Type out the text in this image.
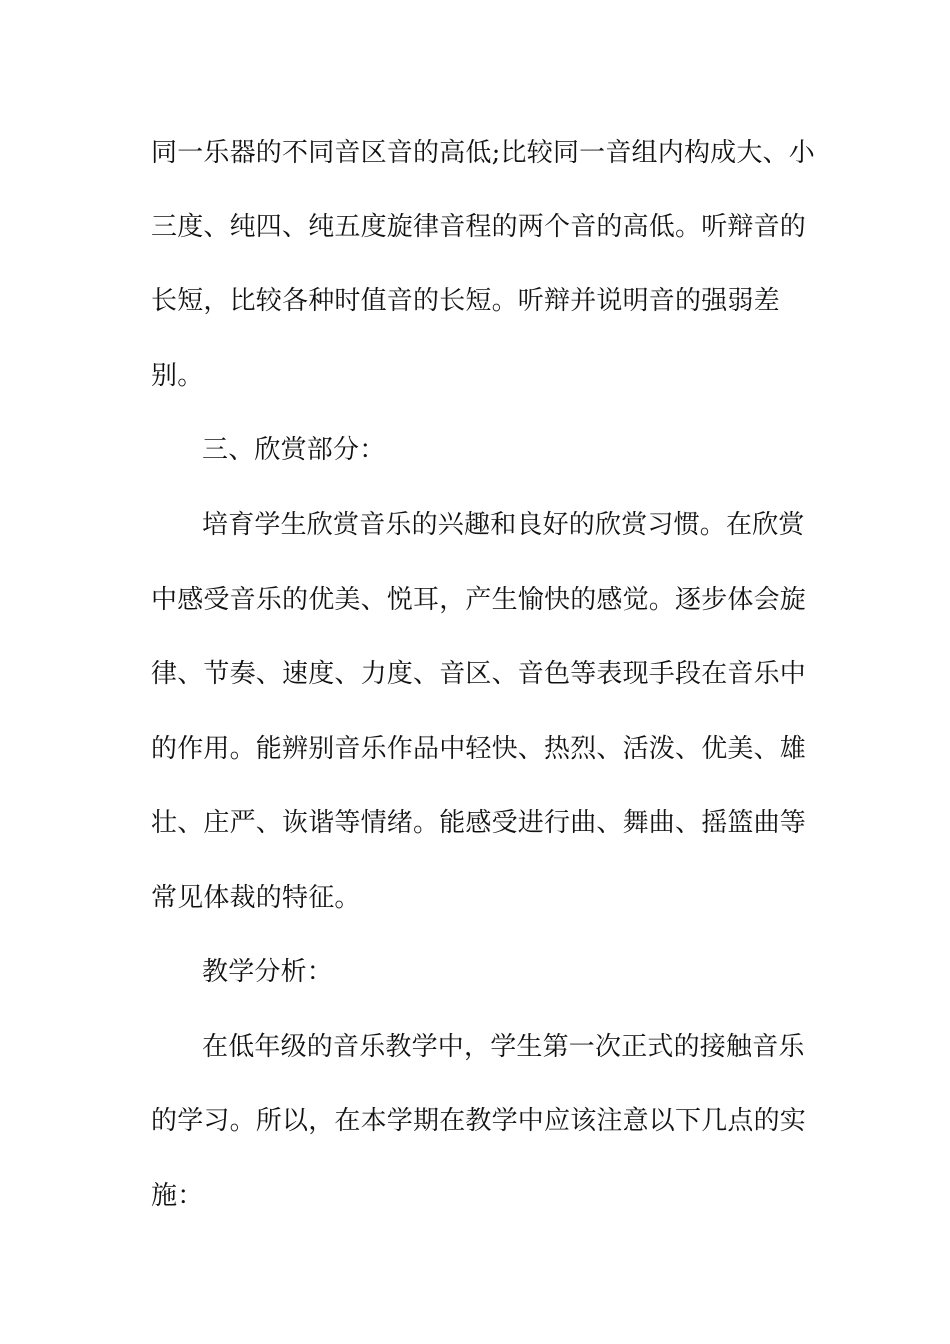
同一乐器的不同音区音的高低;比较同一音组内构成大、小
三度、纯四、纯五度旋律音程的两个音的高低。听辩音的
长短，比较各种时值音的长短。听辩并说明音的强弱差
别。
三、欣赏部分：
培育学生欣赏音乐的兴趣和良好的欣赏习惯。在欣赏
中感受音乐的优美、悦耳，产生愉快的感觉。逐步体会旋
律、节奏、速度、力度、音区、音色等表现手段在音乐中
的作用。能辨别音乐作品中轻快、热烈、活泼、优美、雄
壮、庄严、诙谐等情绪。能感受进行曲、舞曲、摇篮曲等
常见体裁的特征。
教学分析：
在低年级的音乐教学中，学生第一次正式的接触音乐
的学习。所以，在本学期在教学中应该注意以下几点的实
施：
